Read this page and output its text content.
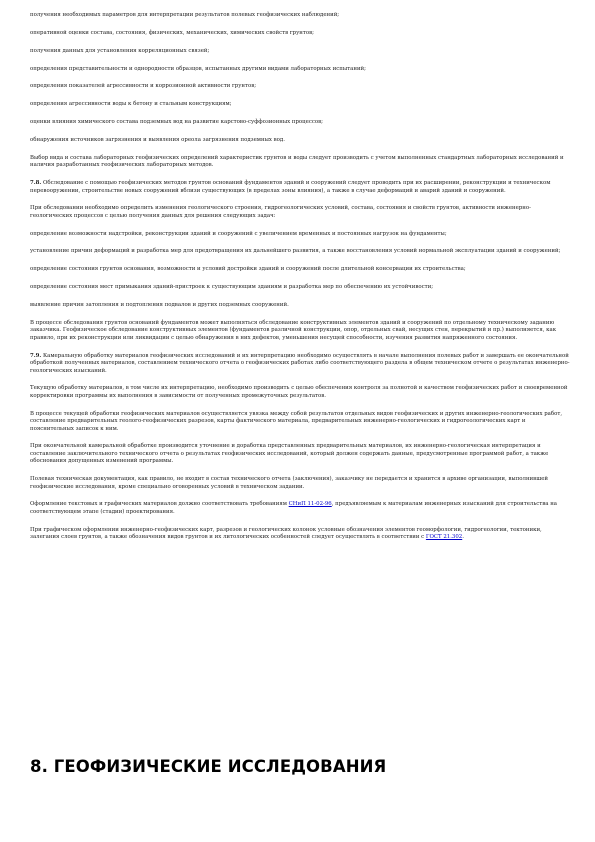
получения необходимых параметров для интерпретации результатов полевых геофизических наблюдений;

оперативной оценки состава, состояния, физических, механических, химических свойств грунтов;

получения данных для установления корреляционных связей;

определения представительности и однородности образцов, испытанных другими видами лабораторных испытаний;

определения показателей агрессивности и коррозионной активности грунтов;

определения агрессивности воды к бетону и стальным конструкциям;

оценки влияния химического состава подземных вод на развитие карстово-суффозионных процессов;

обнаружения источников загрязнения и выявления ореола загрязнения подземных вод.

Выбор вида и состава лабораторных геофизических определений характеристик грунтов и воды следует производить с учетом выполненных стандартных лабораторных исследований и наличия разработанных геофизических лабораторных методов.

7.8. Обследование с помощью геофизических методов грунтов оснований фундаментов зданий и сооружений следует проводить при их расширении, реконструкции и техническом перевооружении, строительстве новых сооружений вблизи существующих (в пределах зоны влияния), а также в случае деформаций и аварий зданий и сооружений.

При обследовании необходимо определить изменения геологического строения, гидрогеологических условий, состава, состояния и свойств грунтов, активности инженерно-геологических процессов с целью получения данных для решения следующих задач:

определение возможности надстройки, реконструкции зданий и сооружений с увеличением временных и постоянных нагрузок на фундаменты;

установление причин деформаций и разработка мер для предотвращения их дальнейшего развития, а также восстановления условий нормальной эксплуатации зданий и сооружений;

определение состояния грунтов основания, возможности и условий достройки зданий и сооружений после длительной консервации их строительства;

определение состояния мест примыкания зданий-пристроек к существующим зданиям и разработка мер по обеспечению их устойчивости;

выявление причин затопления и подтопления подвалов и других подземных сооружений.

В процессе обследования грунтов оснований фундаментов может выполняться обследование конструктивных элементов зданий и сооружений по отдельному техническому заданию заказчика. Геофизическое обследование конструктивных элементов (фундаментов различной конструкции, опор, отдельных свай, несущих стен, перекрытий и пр.) выполняется, как правило, при их реконструкции или ликвидации с целью обнаружения в них дефектов, уменьшения несущей способности, изучения развития напряженного состояния.

7.9. Камеральную обработку материалов геофизических исследований и их интерпретацию необходимо осуществлять в начале выполнения полевых работ и завершать ее окончательной обработкой полученных материалов, составлением технического отчета о геофизических работах либо соответствующего раздела в общем техническом отчете о результатах инженерно-геологических изысканий.

Текущую обработку материалов, в том числе их интерпретацию, необходимо производить с целью обеспечения контроля за полнотой и качеством геофизических работ и своевременной корректировки программы их выполнения в зависимости от полученных промежуточных результатов.

В процессе текущей обработки геофизических материалов осуществляется увязка между собой результатов отдельных видов геофизических и других инженерно-геологических работ, составление предварительных геолого-геофизических разрезов, карты фактического материала, предварительных инженерно-геологических и гидрогеологических карт и пояснительных записок к ним.

При окончательной камеральной обработке производится уточнение и доработка представленных предварительных материалов, их инженерно-геологическая интерпретация и составление заключительного технического отчета о результатах геофизических исследований, который должен содержать данные, предусмотренные программой работ, а также обоснования допущенных изменений программы.

Полевая техническая документация, как правило, не входит в состав технического отчета (заключения), заказчику не передается и хранится в архиве организации, выполнившей геофизические исследования, кроме специально оговоренных условий в техническом задании.

Оформление текстовых и графических материалов должно соответствовать требованиям СНиП 11-02-96, предъявляемым к материалам инженерных изысканий для строительства на соответствующем этапе (стадии) проектирования.

При графическом оформлении инженерно-геофизических карт, разрезов и геологических колонок условные обозначения элементов геоморфологии, гидрогеологии, тектоники, залегания слоев грунтов, а также обозначения видов грунтов и их литологических особенностей следует осуществлять в соответствии с ГОСТ 21.302.

8. ГЕОФИЗИЧЕСКИЕ ИССЛЕДОВАНИЯ
